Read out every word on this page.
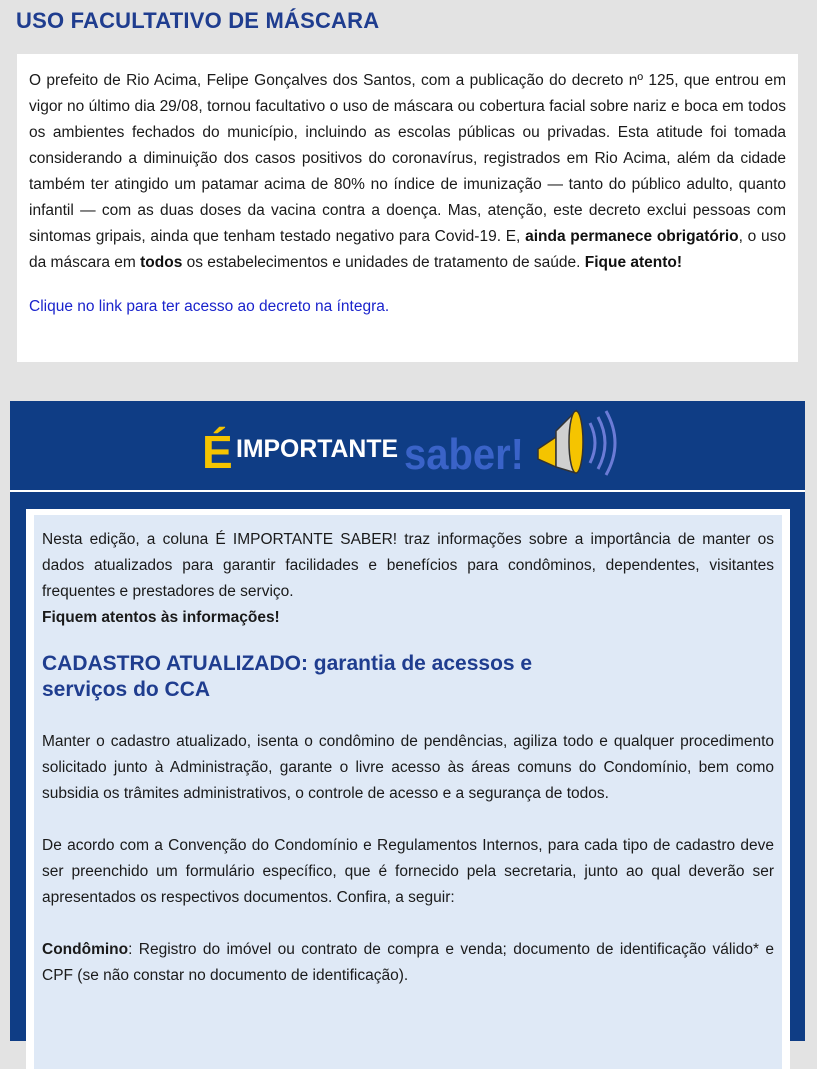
USO FACULTATIVO DE MÁSCARA

O prefeito de Rio Acima, Felipe Gonçalves dos Santos, com a publicação do decreto nº 125, que entrou em vigor no último dia 29/08, tornou facultativo o uso de máscara ou cobertura facial sobre nariz e boca em todos os ambientes fechados do município, incluindo as escolas públicas ou privadas. Esta atitude foi tomada considerando a diminuição dos casos positivos do coronavírus, registrados em Rio Acima, além da cidade também ter atingido um patamar acima de 80% no índice de imunização — tanto do público adulto, quanto infantil — com as duas doses da vacina contra a doença. Mas, atenção, este decreto exclui pessoas com sintomas gripais, ainda que tenham testado negativo para Covid-19. E, ainda permanece obrigatório, o uso da máscara em todos os estabelecimentos e unidades de tratamento de saúde. Fique atento!

Clique no link para ter acesso ao decreto na íntegra.
É IMPORTANTE saber!

Nesta edição, a coluna É IMPORTANTE SABER! traz informações sobre a importância de manter os dados atualizados para garantir facilidades e benefícios para condôminos, dependentes, visitantes frequentes e prestadores de serviço.

Fiquem atentos às informações!

CADASTRO ATUALIZADO: garantia de acessos e serviços do CCA

Manter o cadastro atualizado, isenta o condômino de pendências, agiliza todo e qualquer procedimento solicitado junto à Administração, garante o livre acesso às áreas comuns do Condomínio, bem como subsidia os trâmites administrativos, o controle de acesso e a segurança de todos.

De acordo com a Convenção do Condomínio e Regulamentos Internos, para cada tipo de cadastro deve ser preenchido um formulário específico, que é fornecido pela secretaria, junto ao qual deverão ser apresentados os respectivos documentos. Confira, a seguir:

Condômino: Registro do imóvel ou contrato de compra e venda; documento de identificação válido* e CPF (se não constar no documento de identificação).
